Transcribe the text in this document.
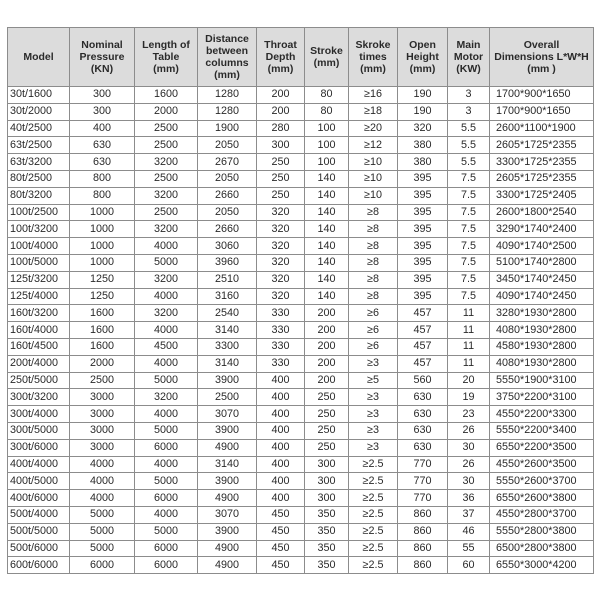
Model	Nominal
Pressure
(KN)	Length of
Table
(mm)	Distance
between
columns
(mm)	Throat
Depth
(mm)	Stroke
(mm)	Skroke
times
(mm)	Open
Height
(mm)	Main
Motor
(KW)	Overall
Dimensions L*W*H
(mm )

30t/1600	300	1600	1280	200	80	≥16	190	3	1700*900*1650
30t/2000	300	2000	1280	200	80	≥18	190	3	1700*900*1650
40t/2500	400	2500	1900	280	100	≥20	320	5.5	2600*1100*1900
63t/2500	630	2500	2050	300	100	≥12	380	5.5	2605*1725*2355
63t/3200	630	3200	2670	250	100	≥10	380	5.5	3300*1725*2355
80t/2500	800	2500	2050	250	140	≥10	395	7.5	2605*1725*2355
80t/3200	800	3200	2660	250	140	≥10	395	7.5	3300*1725*2405
100t/2500	1000	2500	2050	320	140	≥8	395	7.5	2600*1800*2540
100t/3200	1000	3200	2660	320	140	≥8	395	7.5	3290*1740*2400
100t/4000	1000	4000	3060	320	140	≥8	395	7.5	4090*1740*2500
100t/5000	1000	5000	3960	320	140	≥8	395	7.5	5100*1740*2800
125t/3200	1250	3200	2510	320	140	≥8	395	7.5	3450*1740*2450
125t/4000	1250	4000	3160	320	140	≥8	395	7.5	4090*1740*2450
160t/3200	1600	3200	2540	330	200	≥6	457	11	3280*1930*2800
160t/4000	1600	4000	3140	330	200	≥6	457	11	4080*1930*2800
160t/4500	1600	4500	3300	330	200	≥6	457	11	4580*1930*2800
200t/4000	2000	4000	3140	330	200	≥3	457	11	4080*1930*2800
250t/5000	2500	5000	3900	400	200	≥5	560	20	5550*1900*3100
300t/3200	3000	3200	2500	400	250	≥3	630	19	3750*2200*3100
300t/4000	3000	4000	3070	400	250	≥3	630	23	4550*2200*3300
300t/5000	3000	5000	3900	400	250	≥3	630	26	5550*2200*3400
300t/6000	3000	6000	4900	400	250	≥3	630	30	6550*2200*3500
400t/4000	4000	4000	3140	400	300	≥2.5	770	26	4550*2600*3500
400t/5000	4000	5000	3900	400	300	≥2.5	770	30	5550*2600*3700
400t/6000	4000	6000	4900	400	300	≥2.5	770	36	6550*2600*3800
500t/4000	5000	4000	3070	450	350	≥2.5	860	37	4550*2800*3700
500t/5000	5000	5000	3900	450	350	≥2.5	860	46	5550*2800*3800
500t/6000	5000	6000	4900	450	350	≥2.5	860	55	6500*2800*3800
600t/6000	6000	6000	4900	450	350	≥2.5	860	60	6550*3000*4200
